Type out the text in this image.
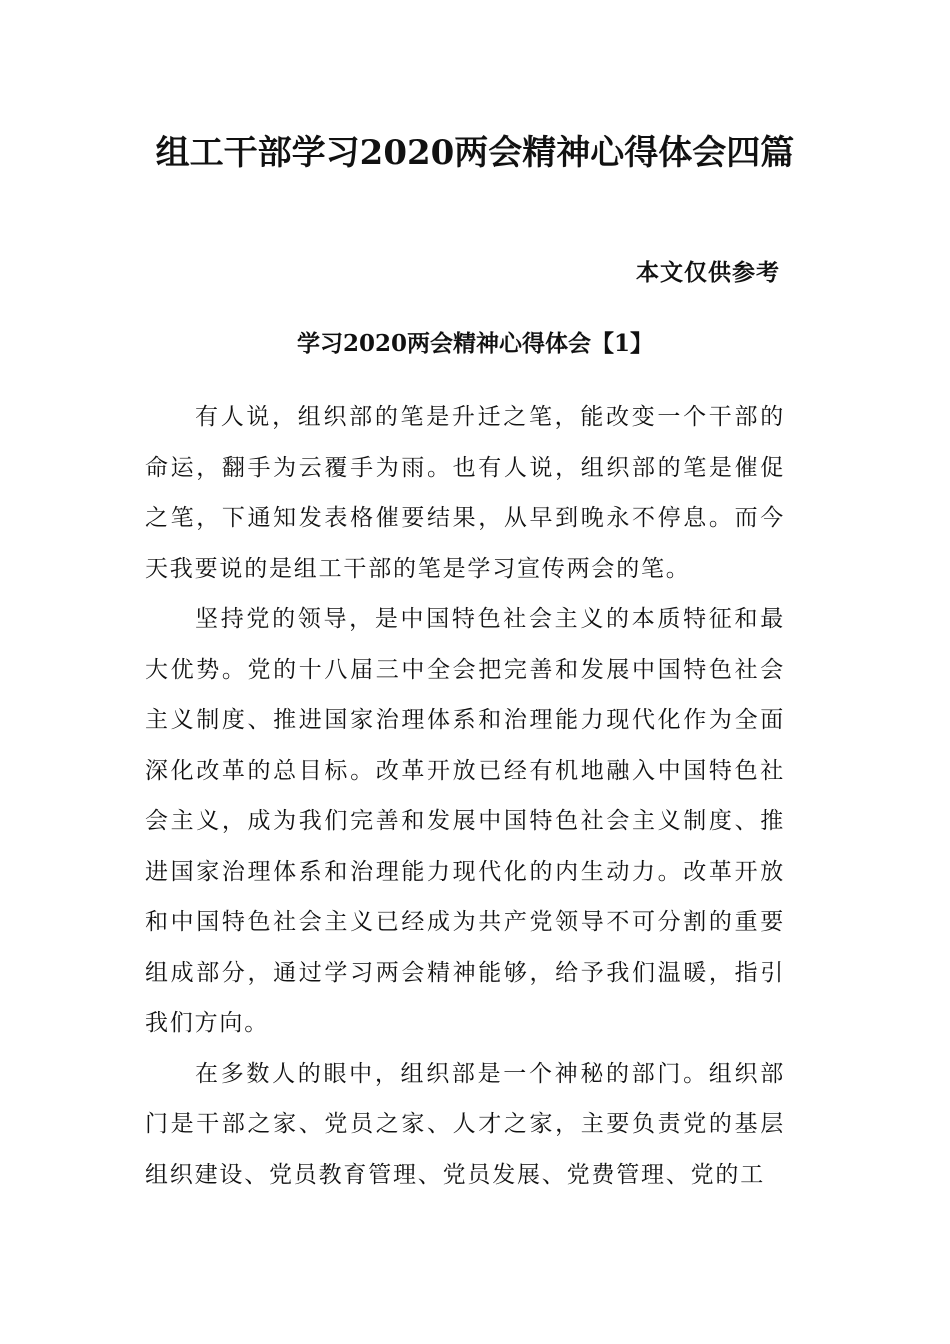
组工干部学习2020两会精神心得体会四篇
本文仅供参考
学习2020两会精神心得体会【1】

有人说，组织部的笔是升迁之笔，能改变一个干部的命运，翻手为云覆手为雨。也有人说，组织部的笔是催促之笔，下通知发表格催要结果，从早到晚永不停息。而今天我要说的是组工干部的笔是学习宣传两会的笔。

坚持党的领导，是中国特色社会主义的本质特征和最大优势。党的十八届三中全会把完善和发展中国特色社会主义制度、推进国家治理体系和治理能力现代化作为全面深化改革的总目标。改革开放已经有机地融入中国特色社会主义，成为我们完善和发展中国特色社会主义制度、推进国家治理体系和治理能力现代化的内生动力。改革开放和中国特色社会主义已经成为共产党领导不可分割的重要组成部分，通过学习两会精神能够，给予我们温暖，指引我们方向。

在多数人的眼中，组织部是一个神秘的部门。组织部门是干部之家、党员之家、人才之家，主要负责党的基层组织建设、党员教育管理、党员发展、党费管理、党的工
